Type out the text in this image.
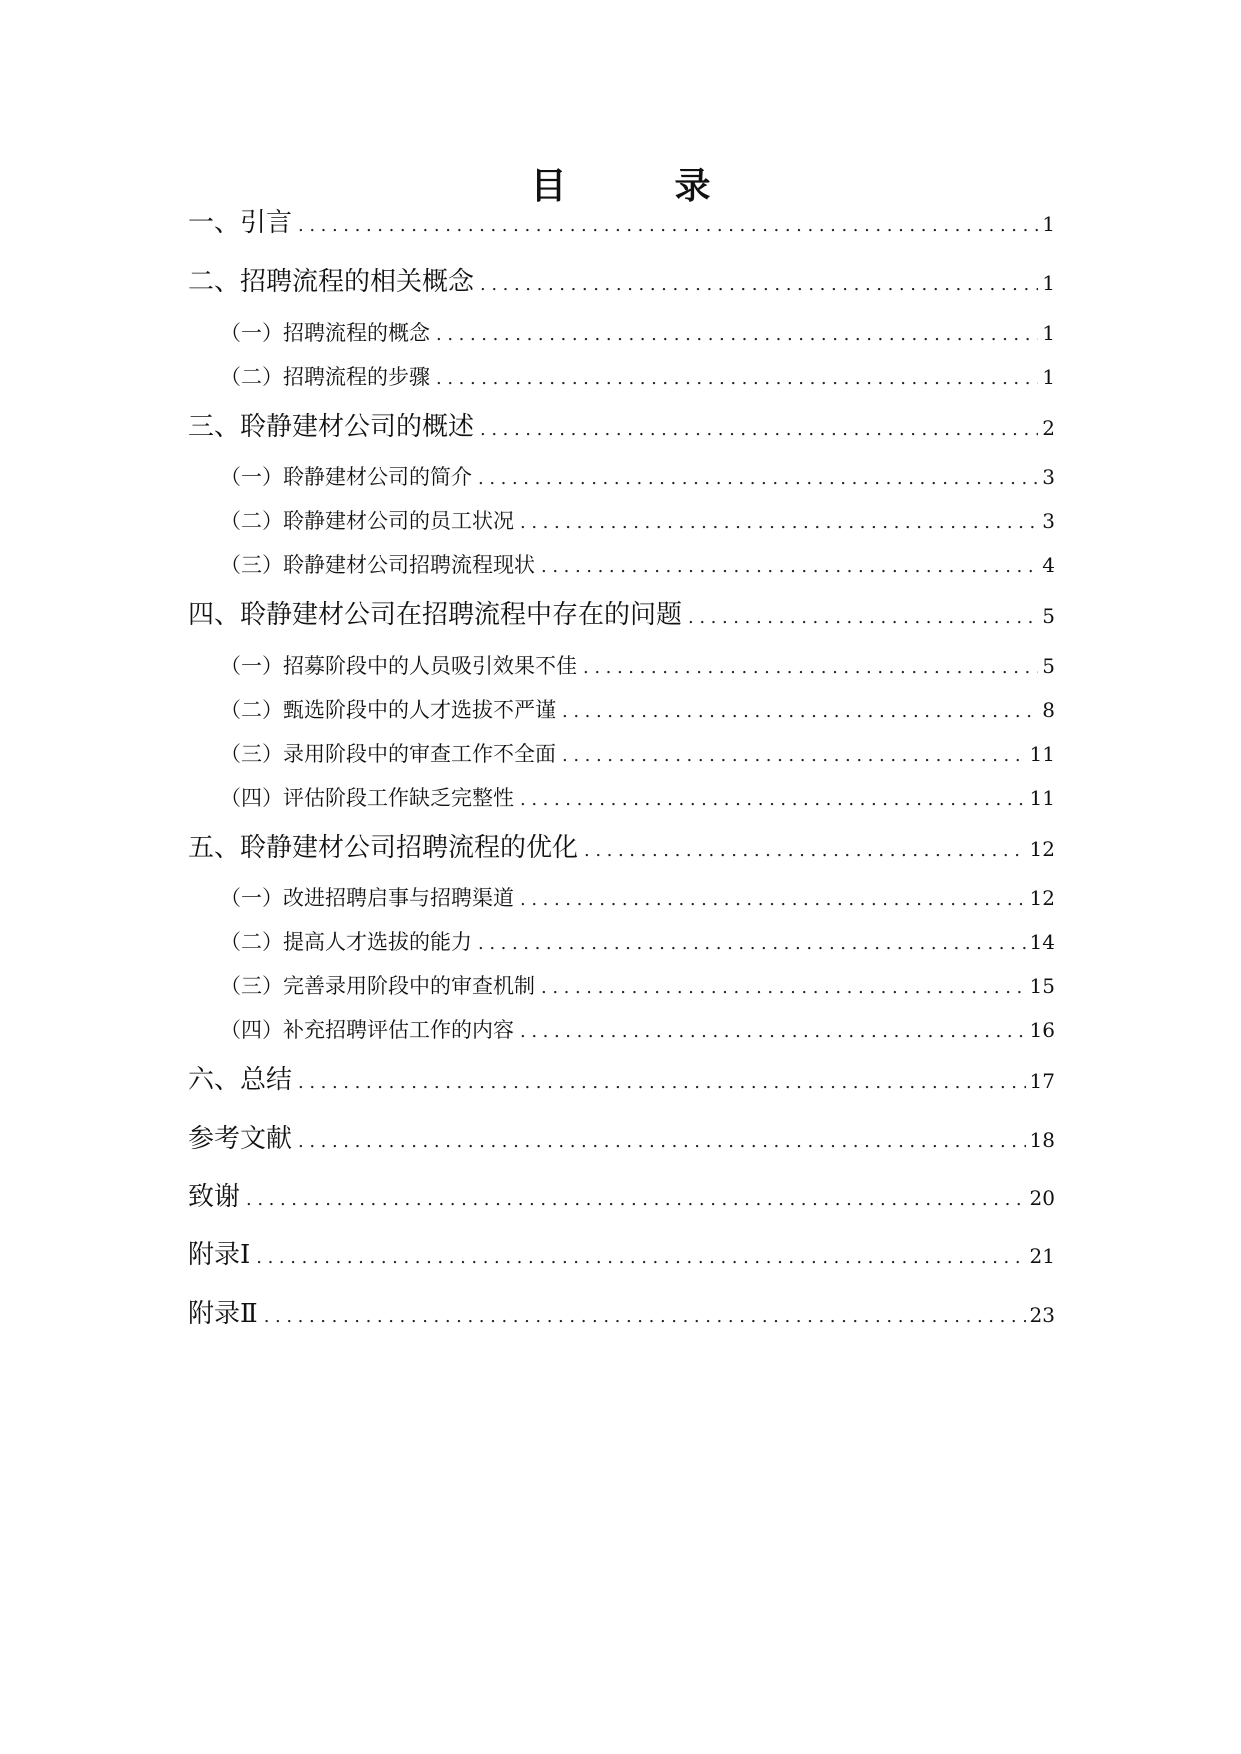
目　录
一、引言 .....	1
二、招聘流程的相关概念 .....	1
（一）招聘流程的概念 .....	1
（二）招聘流程的步骤 .....	1
三、聆静建材公司的概述 .....	2
（一）聆静建材公司的简介 .....	3
（二）聆静建材公司的员工状况 .....	3
（三）聆静建材公司招聘流程现状 .....	4
四、聆静建材公司在招聘流程中存在的问题 .....	5
（一）招募阶段中的人员吸引效果不佳 .....	5
（二）甄选阶段中的人才选拔不严谨 .....	8
（三）录用阶段中的审查工作不全面 .....	11
（四）评估阶段工作缺乏完整性 .....	11
五、聆静建材公司招聘流程的优化 .....	12
（一）改进招聘启事与招聘渠道 .....	12
（二）提高人才选拔的能力 .....	14
（三）完善录用阶段中的审查机制 .....	15
（四）补充招聘评估工作的内容 .....	16
六、总结 .....	17
参考文献 .....	18
致谢 .....	20
附录Ⅰ .....	21
附录Ⅱ .....	23
